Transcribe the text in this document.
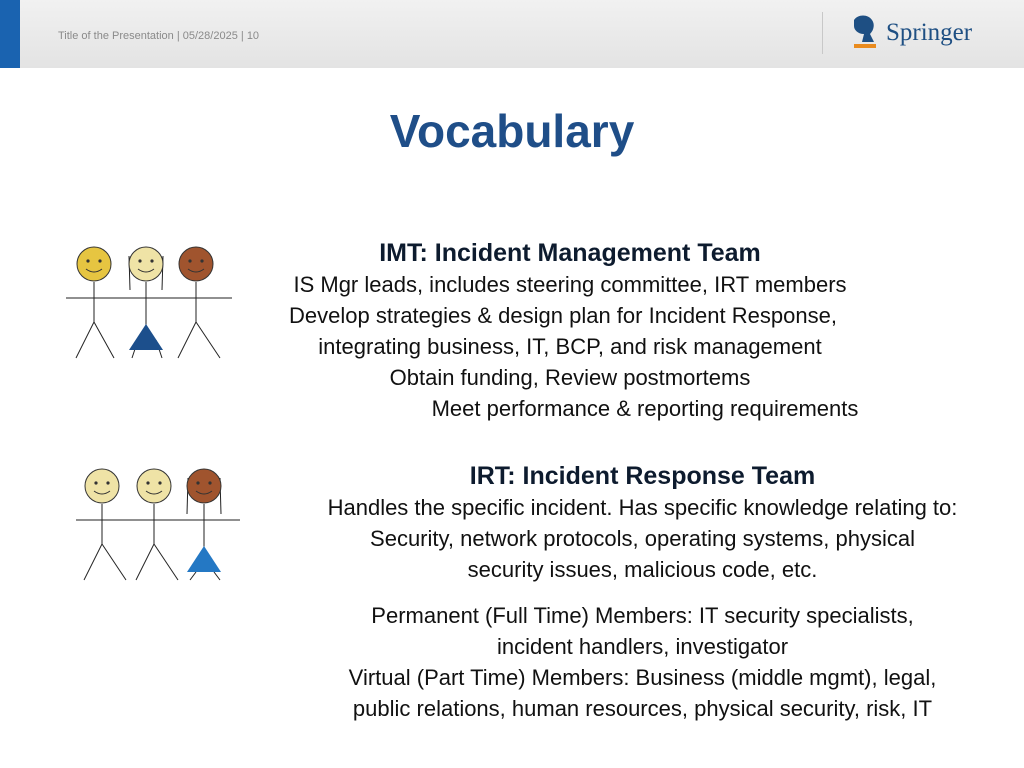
Title of the Presentation | 05/28/2025 | 10	Springer
Vocabulary
IMT: Incident Management Team
IS Mgr leads, includes steering committee, IRT members
Develop strategies & design plan for Incident Response,
integrating business, IT, BCP, and risk management
Obtain funding, Review postmortems
Meet performance & reporting requirements
IRT: Incident Response Team
Handles the specific incident. Has specific knowledge relating to:
Security, network protocols, operating systems, physical
security issues, malicious code, etc.
Permanent (Full Time) Members: IT security specialists,
incident handlers, investigator
Virtual (Part Time) Members: Business (middle mgmt), legal,
public relations, human resources, physical security, risk, IT
